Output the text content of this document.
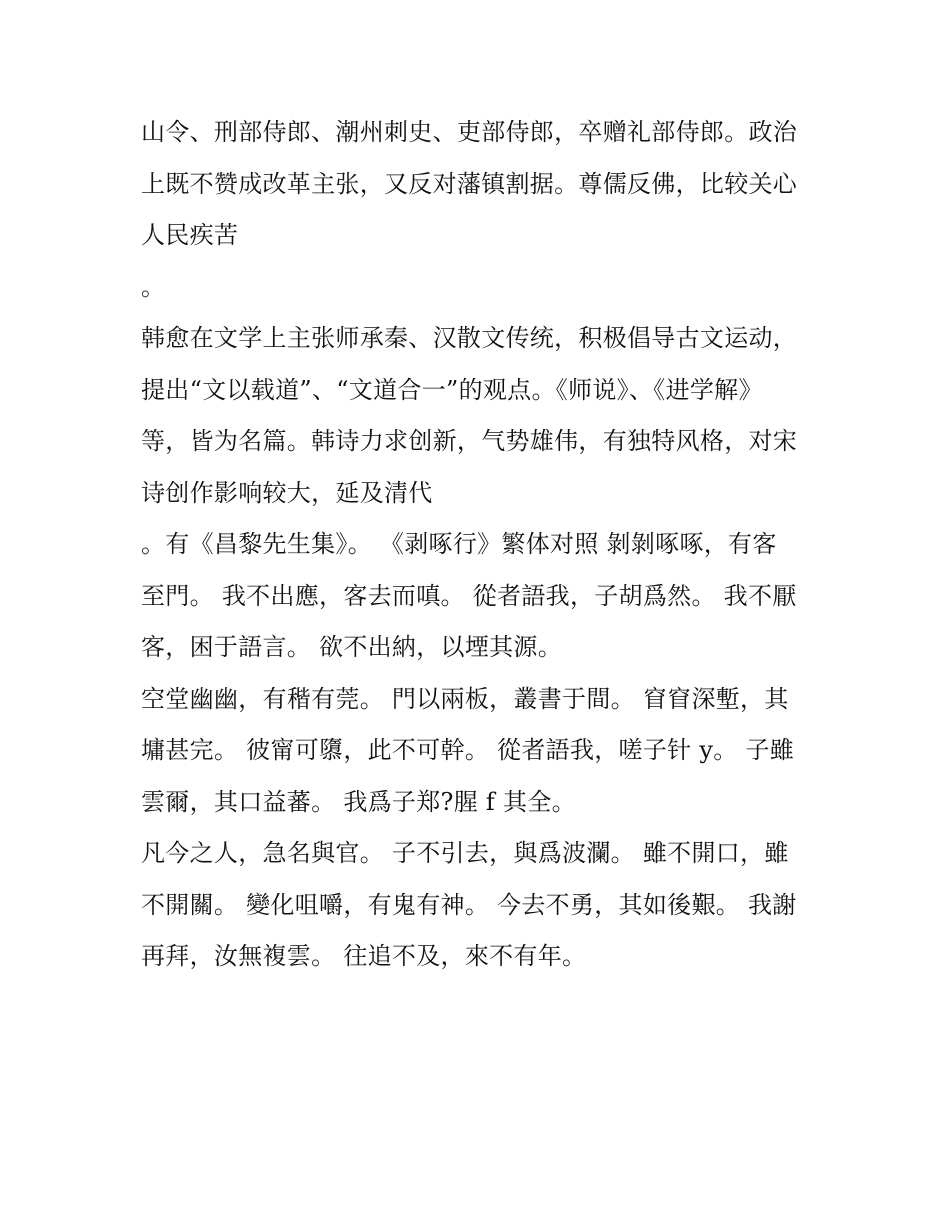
山令、刑部侍郎、潮州刺史、吏部侍郎，卒赠礼部侍郎。政治
上既不赞成改革主张，又反对藩镇割据。尊儒反佛，比较关心
人民疾苦
。
韩愈在文学上主张师承秦、汉散文传统，积极倡导古文运动，
提出“文以载道”、“文道合一”的观点。《师说》、《进学解》
等，皆为名篇。韩诗力求创新，气势雄伟，有独特风格，对宋
诗创作影响较大，延及清代
。有《昌黎先生集》。 《剥啄行》繁体对照 剝剝啄啄，有客
至門。 我不出應，客去而嗔。 從者語我，子胡爲然。 我不厭
客，困于語言。 欲不出納，以堙其源。
空堂幽幽，有稭有莞。 門以兩板，叢書于間。 窅窅深塹，其
墉甚完。 彼甯可隳，此不可幹。 從者語我，嗟子针 y。 子雖
雲爾，其口益蕃。 我爲子郑?腥 f 其全。
凡今之人，急名與官。 子不引去，與爲波瀾。 雖不開口，雖
不開關。 變化咀嚼，有鬼有神。 今去不勇，其如後艱。 我謝
再拜，汝無複雲。 往追不及，來不有年。
